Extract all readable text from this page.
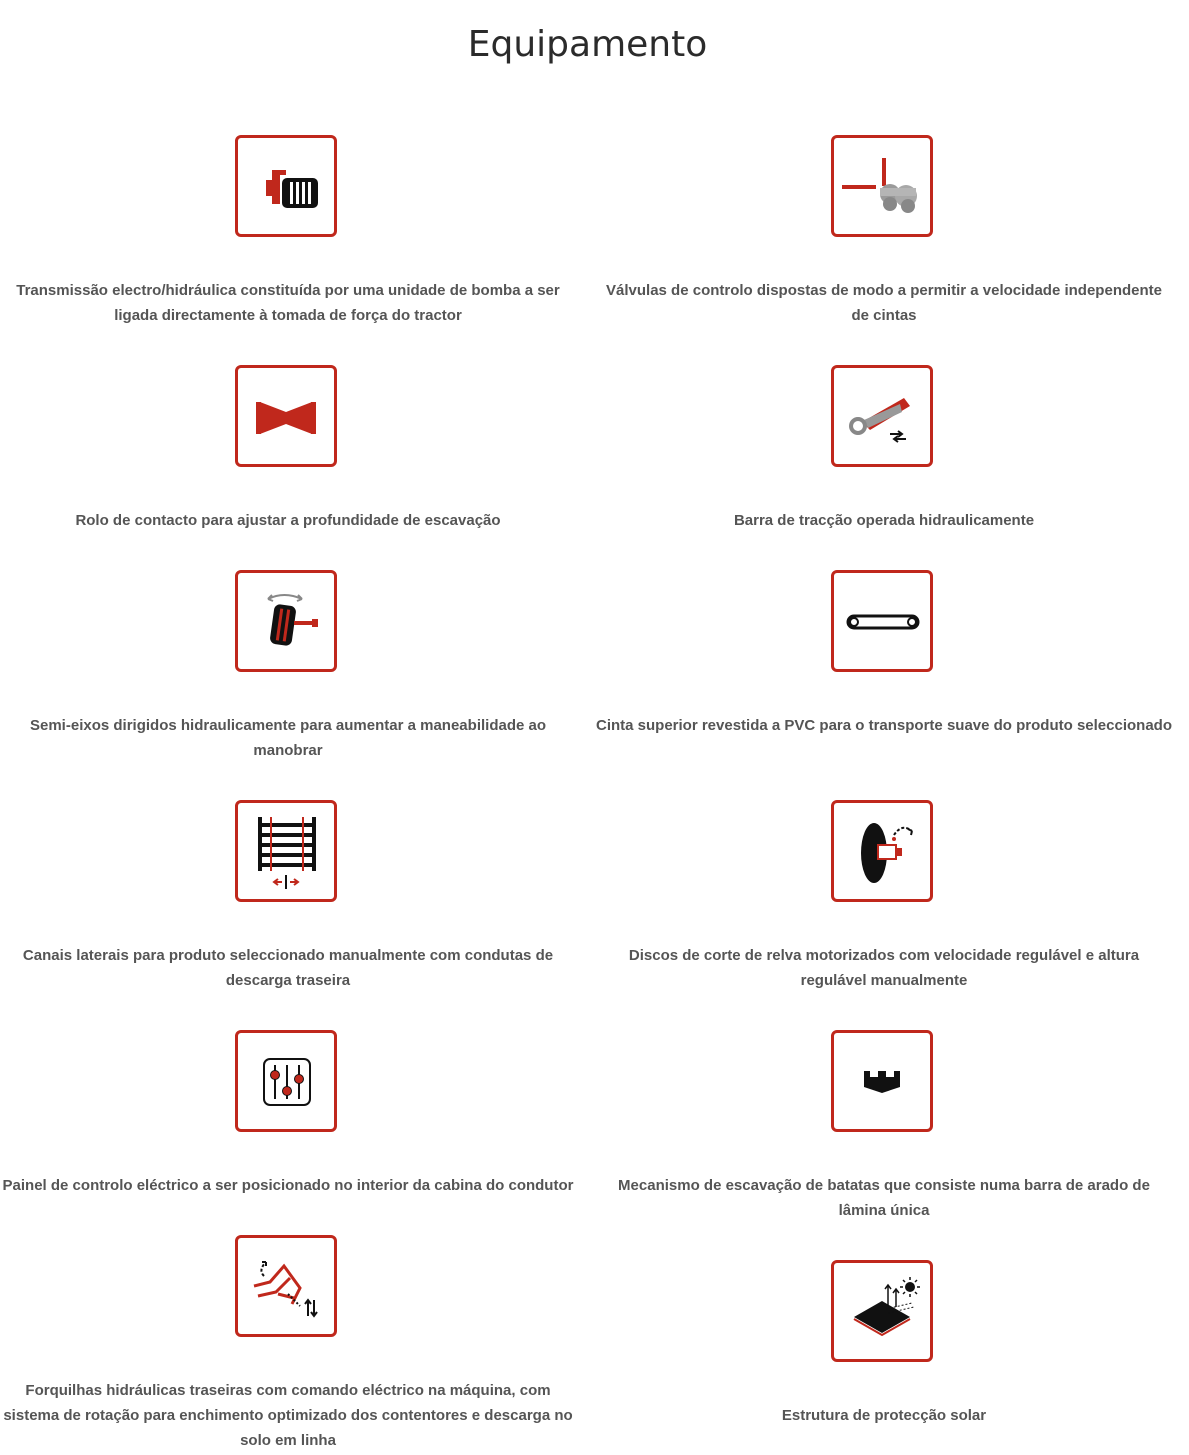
Equipamento

Transmissão electro/hidráulica constituída por uma unidade de bomba a ser ligada directamente à tomada de força do tractor

Válvulas de controlo dispostas de modo a permitir a velocidade independente de cintas

Rolo de contacto para ajustar a profundidade de escavação	Barra de tracção operada hidraulicamente

Semi-eixos dirigidos hidraulicamente para aumentar a maneabilidade ao manobrar

Cinta superior revestida a PVC para o transporte suave do produto seleccionado

Canais laterais para produto seleccionado manualmente com condutas de descarga traseira

Discos de corte de relva motorizados com velocidade regulável e altura regulável manualmente

Painel de controlo eléctrico a ser posicionado no interior da cabina do condutor	Mecanismo de escavação de batatas que consiste numa barra de arado de lâmina única

Forquilhas hidráulicas traseiras com comando eléctrico na máquina, com sistema de rotação para enchimento optimizado dos contentores e descarga no solo em linha

Estrutura de protecção solar
